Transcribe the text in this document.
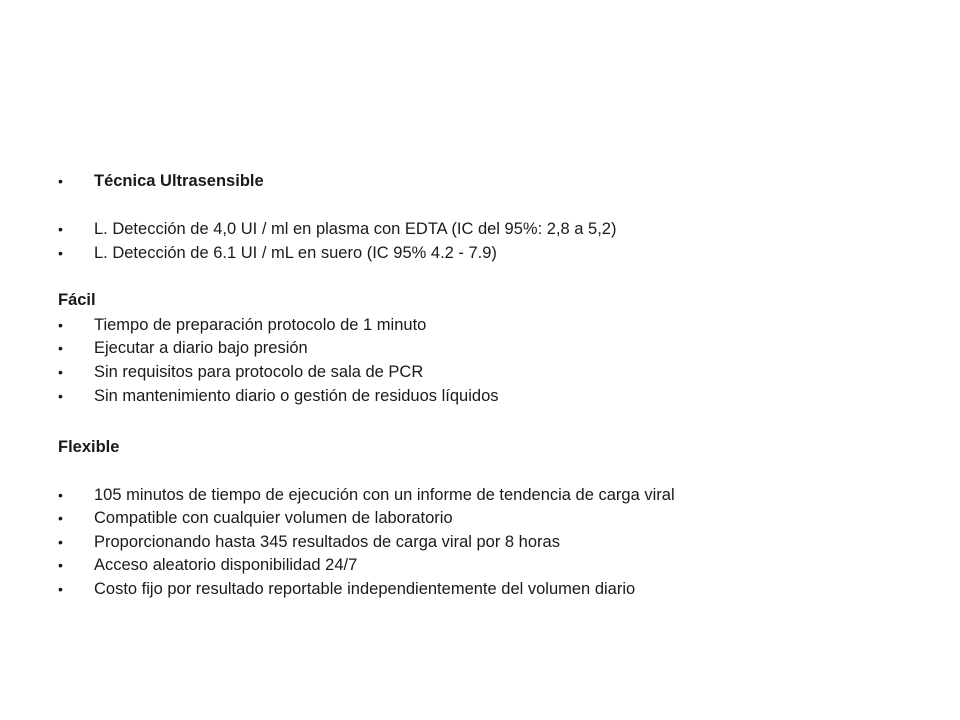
• Técnica Ultrasensible
• L. Detección de 4,0 UI / ml en plasma con EDTA (IC del 95%: 2,8 a 5,2)
• L. Detección de 6.1 UI / mL en suero (IC 95% 4.2 - 7.9)
Fácil
• Tiempo de preparación protocolo de 1 minuto
• Ejecutar a diario bajo presión
• Sin requisitos para protocolo de sala de PCR
• Sin mantenimiento diario o gestión de residuos líquidos
Flexible
• 105 minutos de tiempo de ejecución con un informe de tendencia de carga viral
• Compatible con cualquier volumen de laboratorio
• Proporcionando hasta 345 resultados de carga viral por 8 horas
• Acceso aleatorio disponibilidad 24/7
• Costo fijo por resultado reportable independientemente del volumen diario
